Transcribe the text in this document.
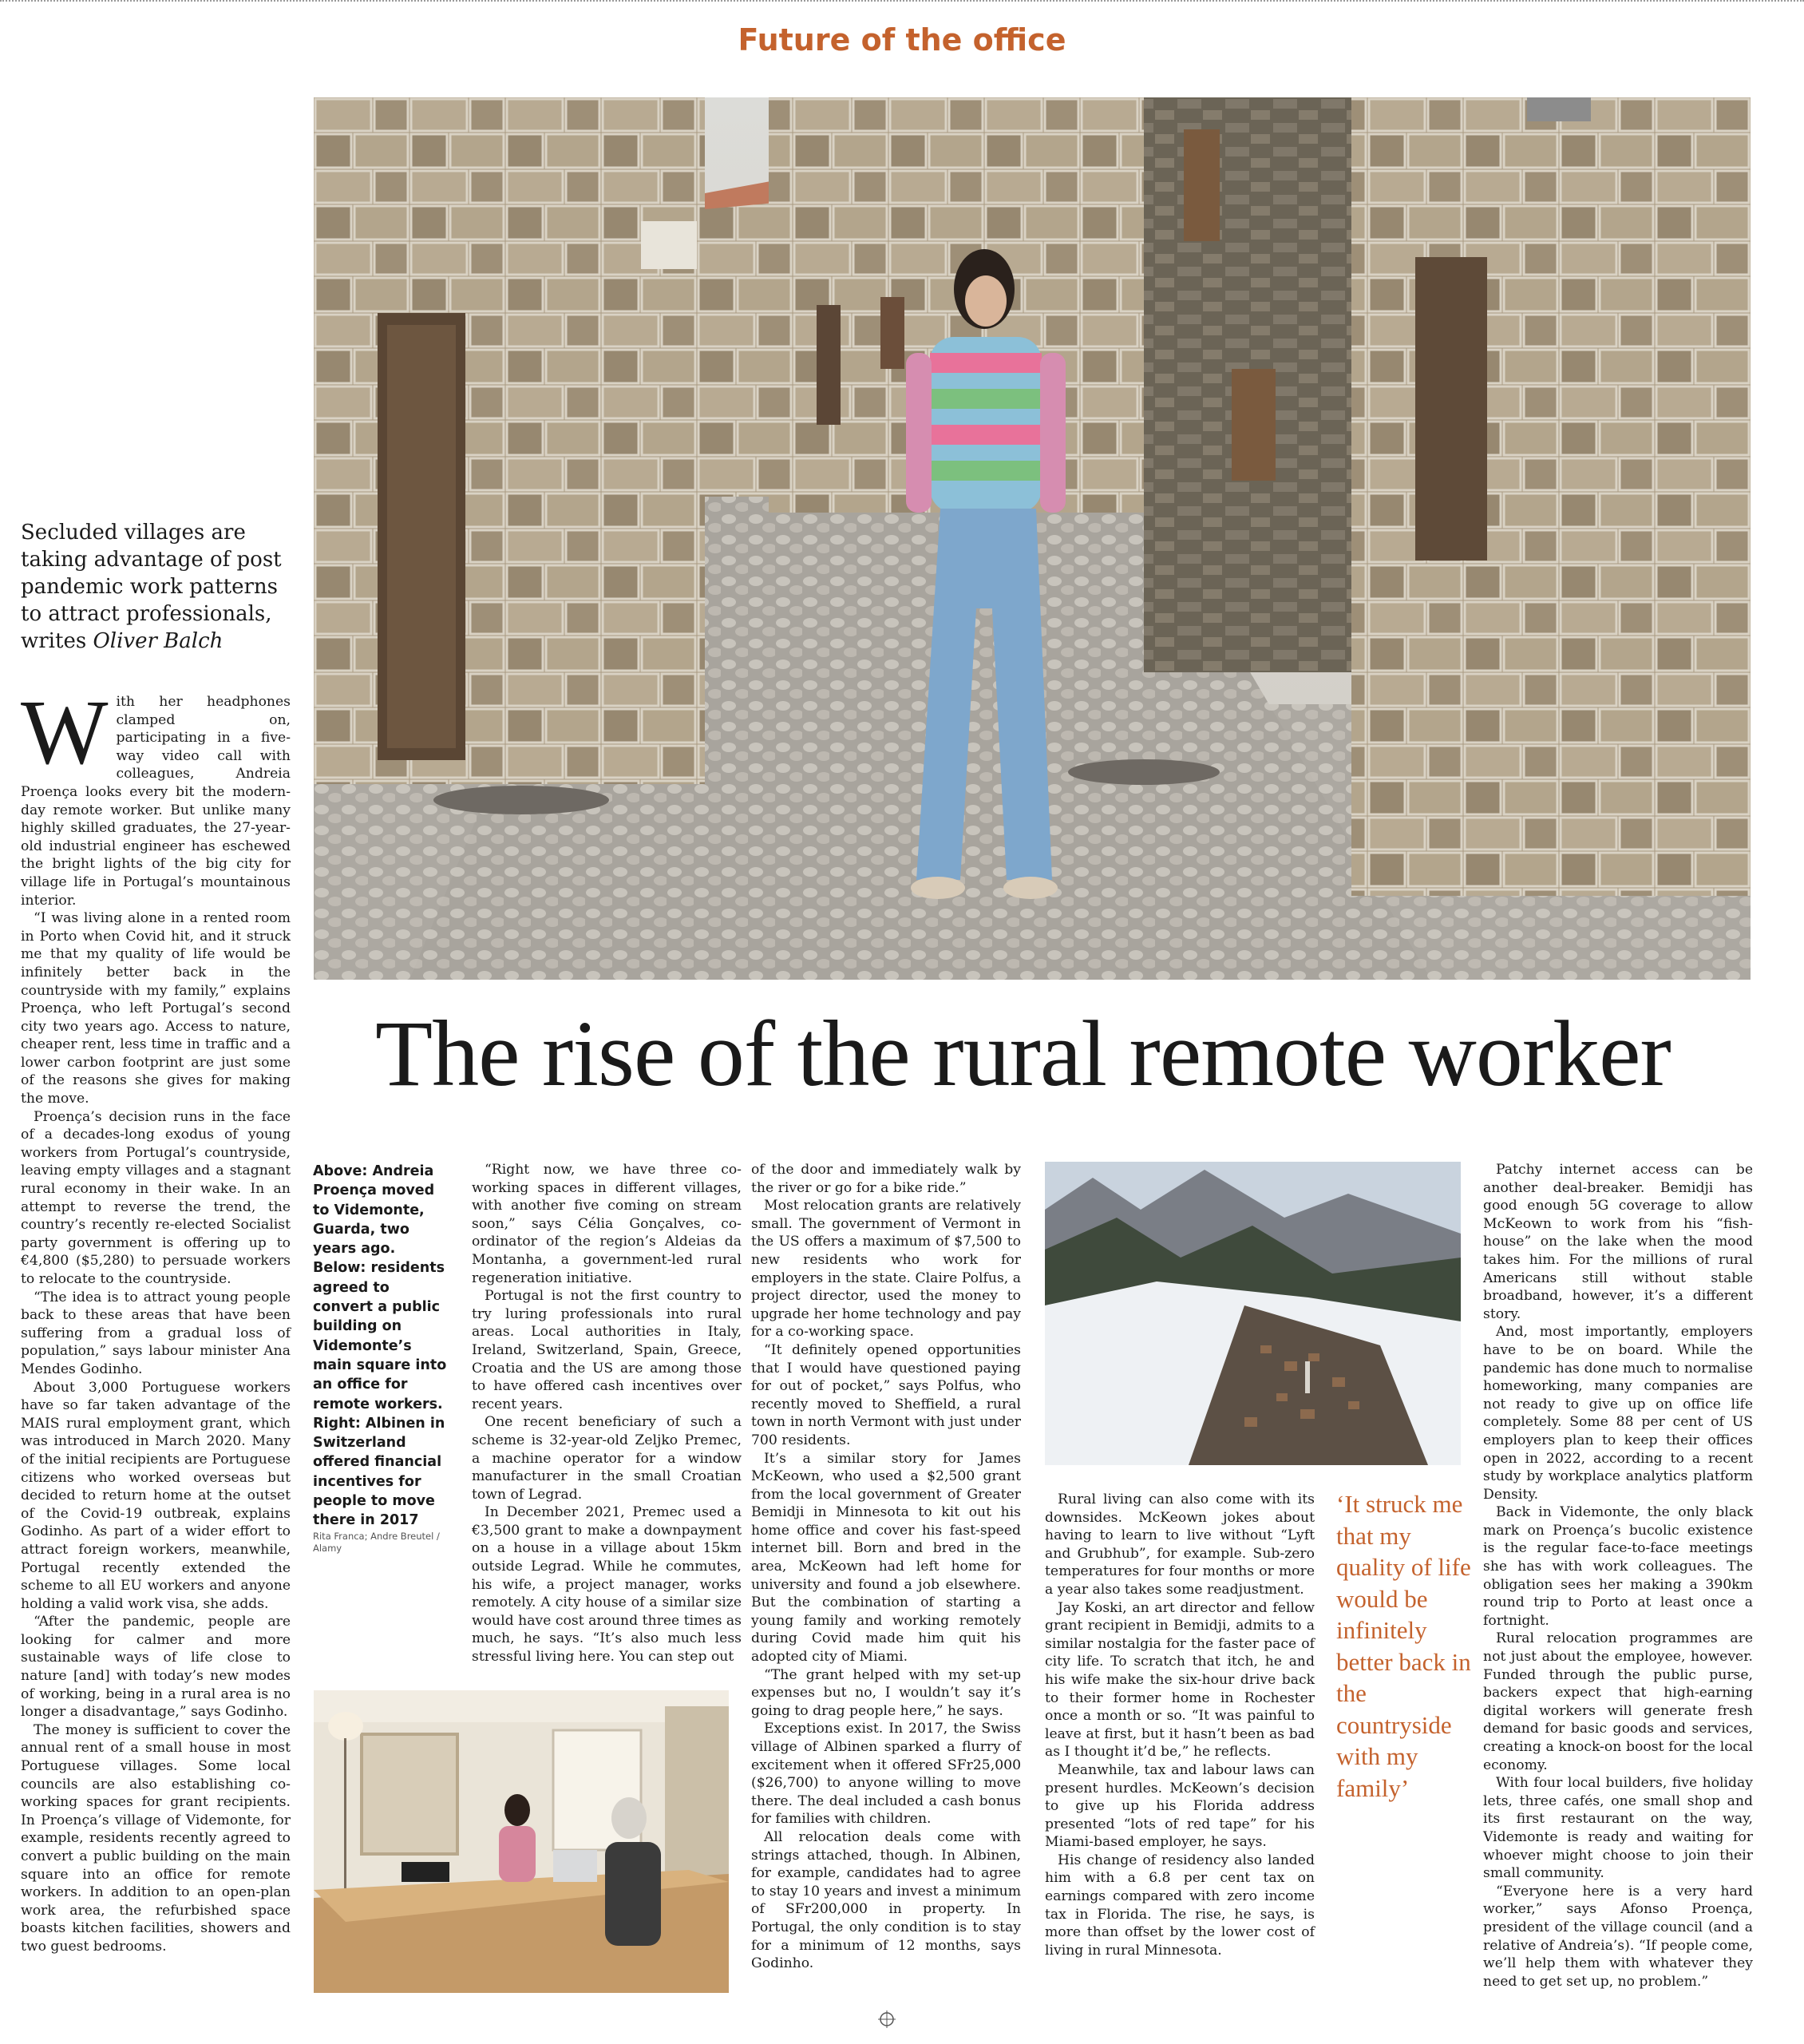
Future of the office
Secluded villages are taking advantage of post pandemic work patterns to attract professionals, writes Oliver Balch
The rise of the rural remote worker
W ith her headphones clamped on, participating in a five-way video call with colleagues, Andreia Proença looks every bit the modern-day remote worker. But unlike many highly skilled graduates, the 27-year-old industrial engineer has eschewed the bright lights of the big city for village life in Portugal’s mountainous interior.

“I was living alone in a rented room in Porto when Covid hit, and it struck me that my quality of life would be infinitely better back in the countryside with my family,” explains Proença, who left Portugal’s second city two years ago. Access to nature, cheaper rent, less time in traffic and a lower carbon footprint are just some of the reasons she gives for making the move.

Proença’s decision runs in the face of a decades-long exodus of young workers from Portugal’s countryside, leaving empty villages and a stagnant rural economy in their wake. In an attempt to reverse the trend, the country’s recently re-elected Socialist party government is offering up to €4,800 ($5,280) to persuade workers to relocate to the countryside.

“The idea is to attract young people back to these areas that have been suffering from a gradual loss of population,” says labour minister Ana Mendes Godinho.

About 3,000 Portuguese workers have so far taken advantage of the MAIS rural employment grant, which was introduced in March 2020. Many of the initial recipients are Portuguese citizens who worked overseas but decided to return home at the outset of the Covid-19 outbreak, explains Godinho. As part of a wider effort to attract foreign workers, meanwhile, Portugal recently extended the scheme to all EU workers and anyone holding a valid work visa, she adds.

“After the pandemic, people are looking for calmer and more sustainable ways of life close to nature [and] with today’s new modes of working, being in a rural area is no longer a disadvantage,” says Godinho.

The money is sufficient to cover the annual rent of a small house in most Portuguese villages. Some local councils are also establishing co-working spaces for grant recipients. In Proença’s village of Videmonte, for example, residents recently agreed to convert a public building on the main square into an office for remote workers. In addition to an open-plan work area, the refurbished space boasts kitchen facilities, showers and two guest bedrooms.

Above: Andreia Proença moved to Videmonte, Guarda, two years ago. Below: residents agreed to convert a public building on Videmonte’s main square into an office for remote workers. Right: Albinen in Switzerland offered financial incentives for people to move there in 2017
Rita Franca; Andre Breutel / Alamy

“Right now, we have three co-working spaces in different villages, with another five coming on stream soon,” says Célia Gonçalves, co-ordinator of the region’s Aldeias da Montanha, a government-led rural regeneration initiative.

Portugal is not the first country to try luring professionals into rural areas. Local authorities in Italy, Ireland, Switzerland, Spain, Greece, Croatia and the US are among those to have offered cash incentives over recent years.

One recent beneficiary of such a scheme is 32-year-old Zeljko Premec, a machine operator for a window manufacturer in the small Croatian town of Legrad.

In December 2021, Premec used a €3,500 grant to make a downpayment on a house in a village about 15km outside Legrad. While he commutes, his wife, a project manager, works remotely. A city house of a similar size would have cost around three times as much, he says. “It’s also much less stressful living here. You can step out

of the door and immediately walk by the river or go for a bike ride.”

Most relocation grants are relatively small. The government of Vermont in the US offers a maximum of $7,500 to new residents who work for employers in the state. Claire Polfus, a project director, used the money to upgrade her home technology and pay for a co-working space.

“It definitely opened opportunities that I would have questioned paying for out of pocket,” says Polfus, who recently moved to Sheffield, a rural town in north Vermont with just under 700 residents.

It’s a similar story for James McKeown, who used a $2,500 grant from the local government of Greater Bemidji in Minnesota to kit out his home office and cover his fast-speed internet bill. Born and bred in the area, McKeown had left home for university and found a job elsewhere. But the combination of starting a young family and working remotely during Covid made him quit his adopted city of Miami.

“The grant helped with my set-up expenses but no, I wouldn’t say it’s going to drag people here,” he says.

Exceptions exist. In 2017, the Swiss village of Albinen sparked a flurry of excitement when it offered SFr25,000 ($26,700) to anyone willing to move there. The deal included a cash bonus for families with children.

All relocation deals come with strings attached, though. In Albinen, for example, candidates had to agree to stay 10 years and invest a minimum of SFr200,000 in property. In Portugal, the only condition is to stay for a minimum of 12 months, says Godinho.

Rural living can also come with its downsides. McKeown jokes about having to learn to live without “Lyft and Grubhub”, for example. Sub-zero temperatures for four months or more a year also takes some readjustment.

Jay Koski, an art director and fellow grant recipient in Bemidji, admits to a similar nostalgia for the faster pace of city life. To scratch that itch, he and his wife make the six-hour drive back to their former home in Rochester once a month or so. “It was painful to leave at first, but it hasn’t been as bad as I thought it’d be,” he reflects.

Meanwhile, tax and labour laws can present hurdles. McKeown’s decision to give up his Florida address presented “lots of red tape” for his Miami-based employer, he says.

His change of residency also landed him with a 6.8 per cent tax on earnings compared with zero income tax in Florida. The rise, he says, is more than offset by the lower cost of living in rural Minnesota.

‘It struck me that my quality of life would be infinitely better back in the countryside with my family’

Patchy internet access can be another deal-breaker. Bemidji has good enough 5G coverage to allow McKeown to work from his “fish-house” on the lake when the mood takes him. For the millions of rural Americans still without stable broadband, however, it’s a different story.

And, most importantly, employers have to be on board. While the pandemic has done much to normalise homeworking, many companies are not ready to give up on office life completely. Some 88 per cent of US employers plan to keep their offices open in 2022, according to a recent study by workplace analytics platform Density.

Back in Videmonte, the only black mark on Proença’s bucolic existence is the regular face-to-face meetings she has with work colleagues. The obligation sees her making a 390km round trip to Porto at least once a fortnight.

Rural relocation programmes are not just about the employee, however. Funded through the public purse, backers expect that high-earning digital workers will generate fresh demand for basic goods and services, creating a knock-on boost for the local economy.

With four local builders, five holiday lets, three cafés, one small shop and its first restaurant on the way, Videmonte is ready and waiting for whoever might choose to join their small community.

“Everyone here is a very hard worker,” says Afonso Proença, president of the village council (and a relative of Andreia’s). “If people come, we’ll help them with whatever they need to get set up, no problem.”
